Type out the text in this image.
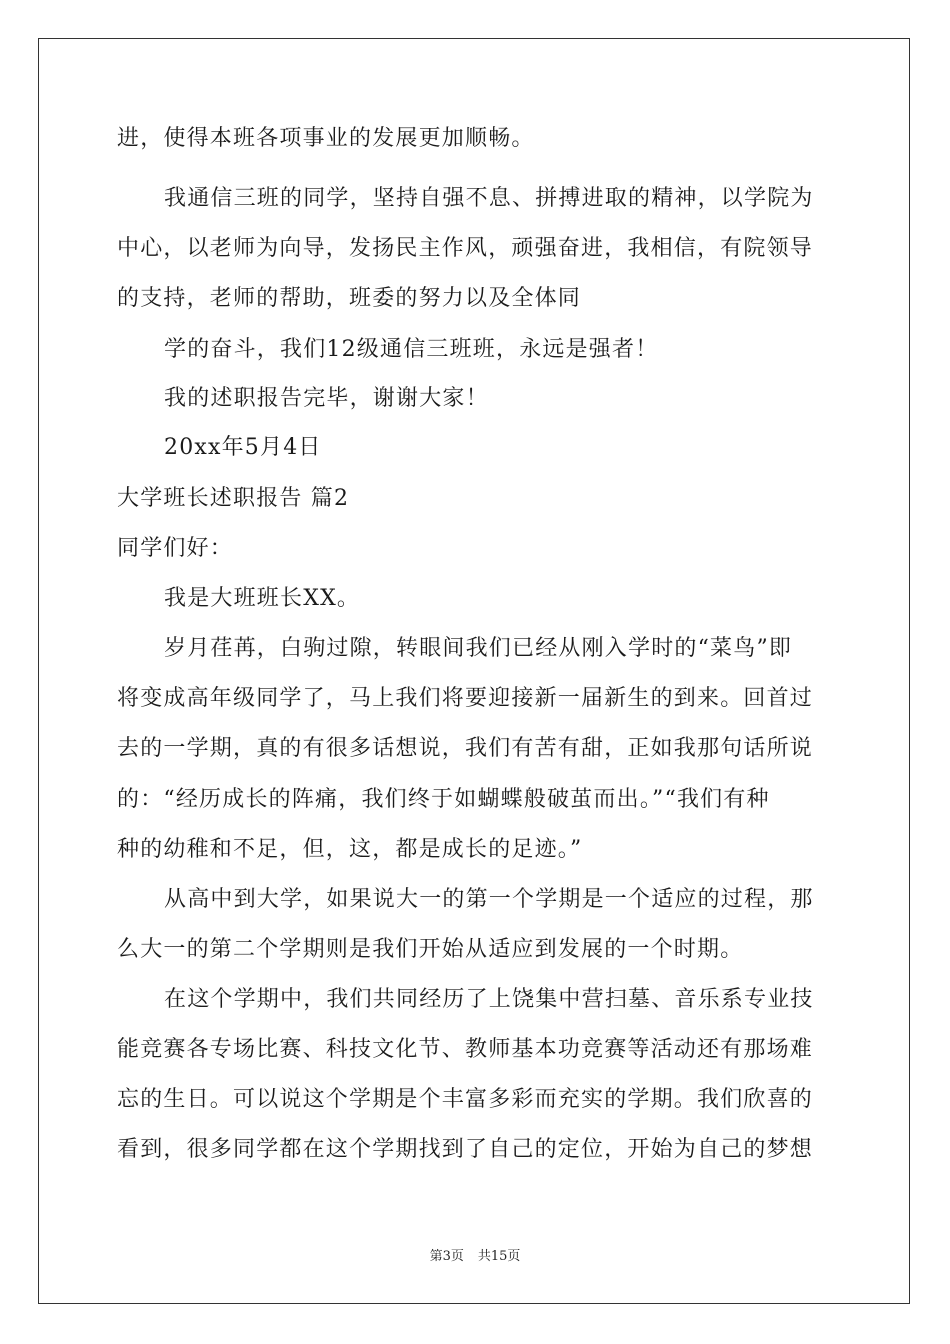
进，使得本班各项事业的发展更加顺畅。
我通信三班的同学，坚持自强不息、拼搏进取的精神，以学院为
中心，以老师为向导，发扬民主作风，顽强奋进，我相信，有院领导
的支持，老师的帮助，班委的努力以及全体同
学的奋斗，我们12级通信三班班，永远是强者！
我的述职报告完毕，谢谢大家！
20xx年5月4日
大学班长述职报告 篇2
同学们好：
我是大班班长XX。
岁月荏苒，白驹过隙，转眼间我们已经从刚入学时的“菜鸟”即
将变成高年级同学了，马上我们将要迎接新一届新生的到来。回首过
去的一学期，真的有很多话想说，我们有苦有甜，正如我那句话所说
的：“经历成长的阵痛，我们终于如蝴蝶般破茧而出。”“我们有种
种的幼稚和不足，但，这，都是成长的足迹。”
从高中到大学，如果说大一的第一个学期是一个适应的过程，那
么大一的第二个学期则是我们开始从适应到发展的一个时期。
在这个学期中，我们共同经历了上饶集中营扫墓、音乐系专业技
能竞赛各专场比赛、科技文化节、教师基本功竞赛等活动还有那场难
忘的生日。可以说这个学期是个丰富多彩而充实的学期。我们欣喜的
看到，很多同学都在这个学期找到了自己的定位，开始为自己的梦想
第3页 共15页
